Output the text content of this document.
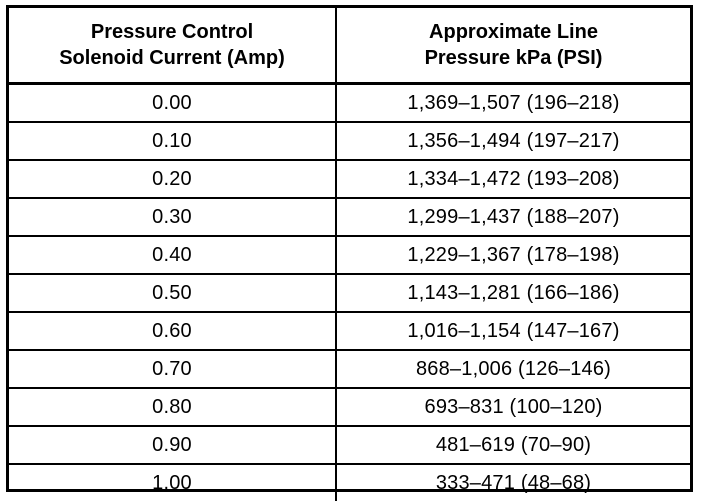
Pressure Control
Solenoid Current (Amp)	Approximate Line
Pressure kPa (PSI)

0.00	1,369–1,507 (196–218)
0.10	1,356–1,494 (197–217)
0.20	1,334–1,472 (193–208)
0.30	1,299–1,437 (188–207)
0.40	1,229–1,367 (178–198)
0.50	1,143–1,281 (166–186)
0.60	1,016–1,154 (147–167)
0.70	868–1,006 (126–146)
0.80	693–831 (100–120)
0.90	481–619 (70–90)
1.00	333–471 (48–68)
